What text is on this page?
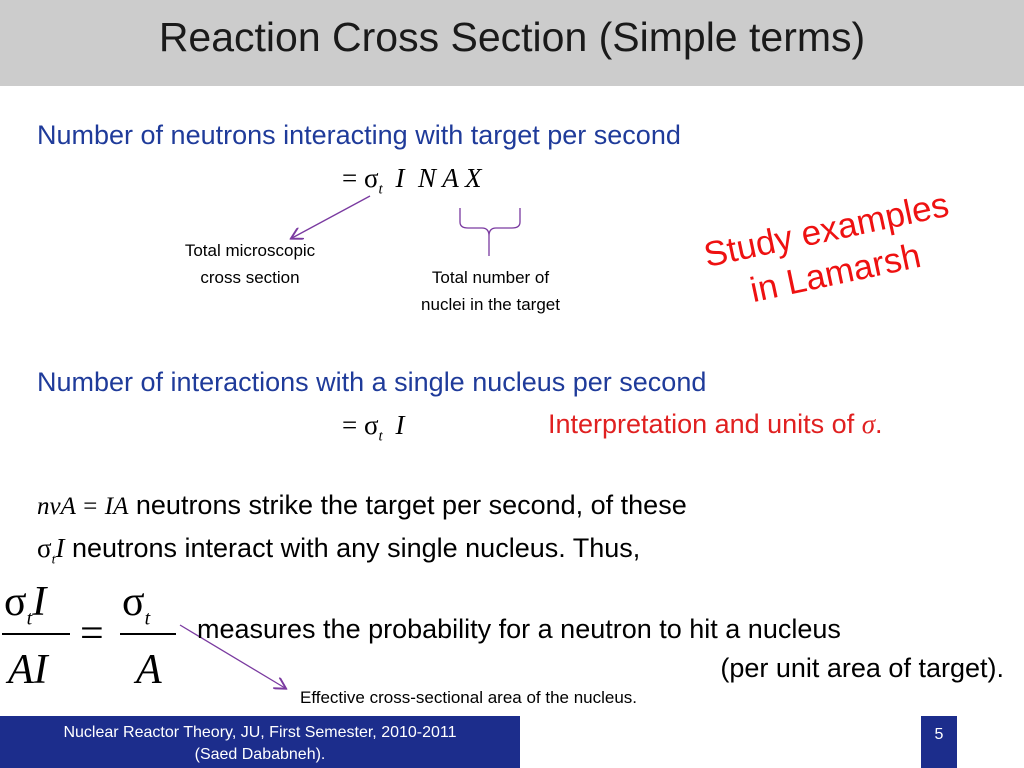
Reaction Cross Section (Simple terms)
Number of neutrons interacting with target per second
= $\sigma_t$ I  N A X
Total microscopic cross section	Total number of nuclei in the target
Study examples in Lamarsh
Number of interactions with a single nucleus per second
= $\sigma_t$ I	Interpretation and units of σ.
nvA = IA neutrons strike the target per second, of these
$\sigma_tI$ neutrons interact with any single nucleus. Thus,
$\sigma_tI$
AI
=
$\sigma_t$
A
measures the probability for a neutron to hit a nucleus
(per unit area of target).
Effective cross-sectional area of the nucleus.
Nuclear Reactor Theory, JU, First Semester, 2010-2011
(Saed Dababneh).
5
